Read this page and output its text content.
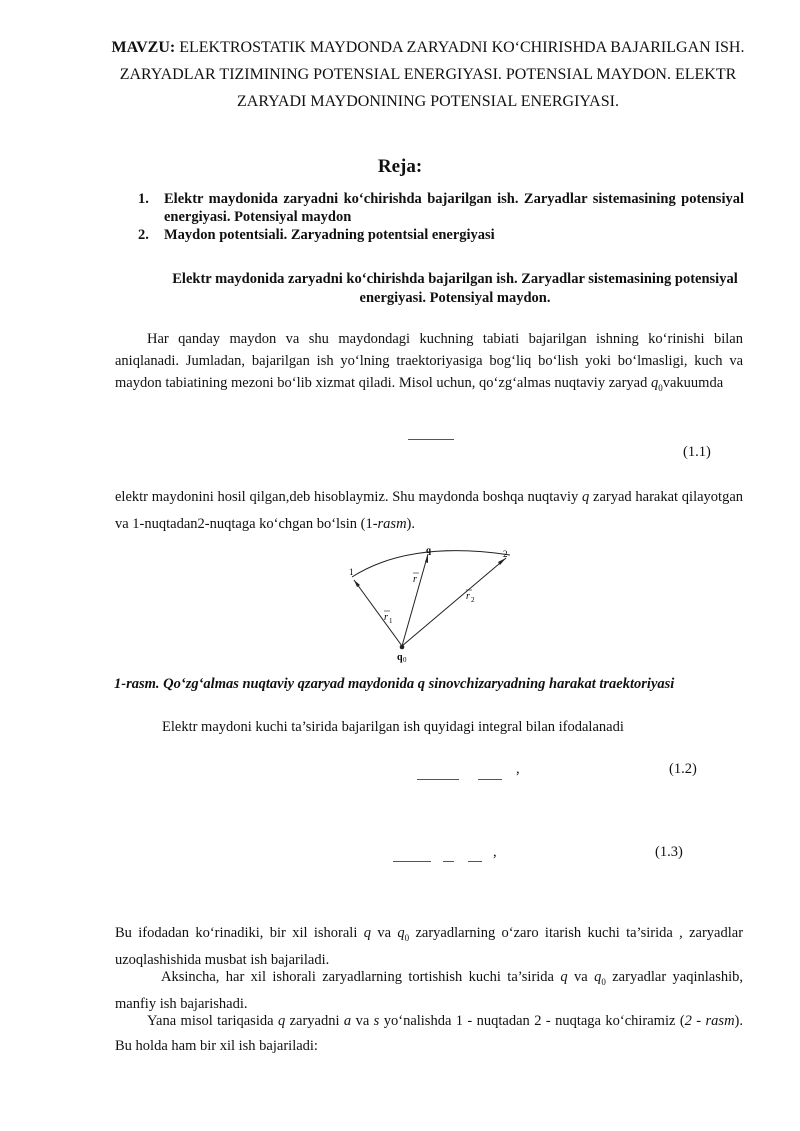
MAVZU: ELEKTROSTATIK MAYDONDA ZARYADNI KO‘CHIRISHDA BAJARILGAN ISH. ZARYADLAR TIZIMINING POTENSIAL ENERGIYASI. POTENSIAL MAYDON. ELEKTR ZARYADI MAYDONINING POTENSIAL ENERGIYASI.
Reja:
1.	Elektr maydonida zaryadni ko‘chirishda bajarilgan ish. Zaryadlar sistemasining potensiyal energiyasi. Potensiyal maydon
2.	Maydon potentsiali. Zaryadning potentsial energiyasi
Elektr maydonida zaryadni ko‘chirishda bajarilgan ish. Zaryadlar sistemasining potensiyal energiyasi. Potensiyal maydon.
Har qanday maydon va shu maydondagi kuchning tabiati bajarilgan ishning ko‘rinishi bilan aniqlanadi. Jumladan, bajarilgan ish yo‘lning traektoriyasiga bog‘liq bo‘lish yoki bo‘lmasligi, kuch va maydon tabiatining mezoni bo‘lib xizmat qiladi. Misol uchun, qo‘zg‘almas nuqtaviy zaryad $q_0vakuumda$
(1.1)
elektr maydonini hosil qilgan,deb hisoblaymiz. Shu maydonda boshqa nuqtaviy q zaryad harakat qilayotgan va 1-nuqtadan2-nuqtaga ko‘chgan bo‘lsin (1-rasm).
1
q	2
r
r 1
r 2
q 0
1-rasm. Qo‘zg‘almas nuqtaviy qzaryad maydonida q sinovchizaryadning harakat traektoriyasi
Elektr maydoni kuchi ta’sirida bajarilgan ish quyidagi integral bilan ifodalanadi
,	(1.2)
,	(1.3)
Bu ifodadan ko‘rinadiki, bir xil ishorali q va $q_0$ zaryadlarning o‘zaro itarish kuchi ta’sirida , zaryadlar uzoqlashishida musbat ish bajariladi.
Aksincha, har xil ishorali zaryadlarning tortishish kuchi ta’sirida q va $q_0$ zaryadlar yaqinlashib, manfiy ish bajarishadi.
Yana misol tariqasida q zaryadni a va s yo‘nalishda 1 - nuqtadan 2 - nuqtaga ko‘chiramiz (2 - rasm). Bu holda ham bir xil ish bajariladi:
